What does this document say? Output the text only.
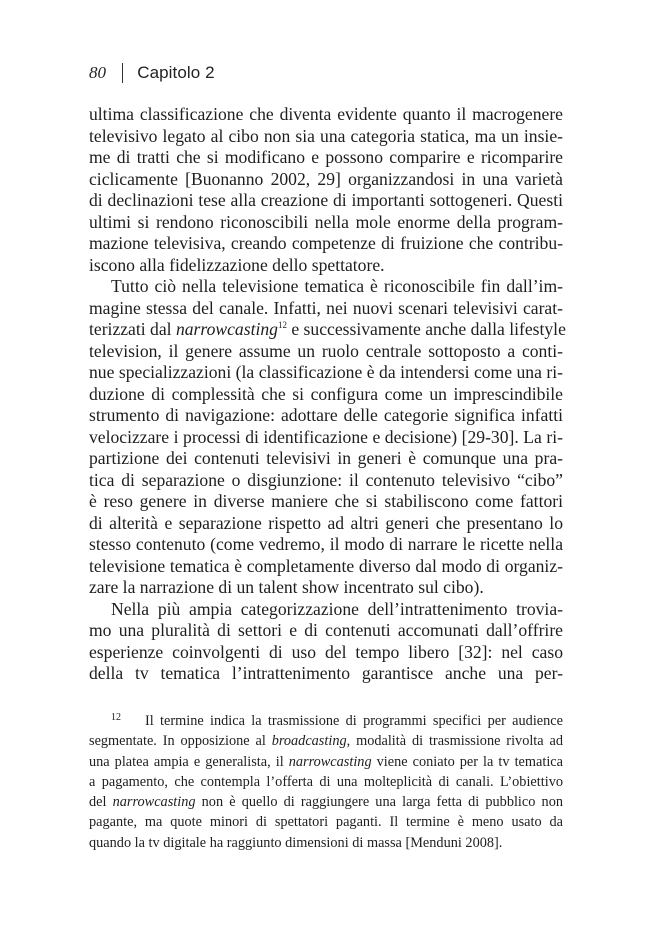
80 Capitolo 2
ultima classificazione che diventa evidente quanto il macrogenere
televisivo legato al cibo non sia una categoria statica, ma un insie-
me di tratti che si modificano e possono comparire e ricomparire
ciclicamente [Buonanno 2002, 29] organizzandosi in una varietà
di declinazioni tese alla creazione di importanti sottogeneri. Questi
ultimi si rendono riconoscibili nella mole enorme della program-
mazione televisiva, creando competenze di fruizione che contribu-
iscono alla fidelizzazione dello spettatore.
Tutto ciò nella televisione tematica è riconoscibile fin dall’im-
magine stessa del canale. Infatti, nei nuovi scenari televisivi carat-
terizzati dal narrowcasting$^{12}$ e successivamente anche dalla lifestyle
television, il genere assume un ruolo centrale sottoposto a conti-
nue specializzazioni (la classificazione è da intendersi come una ri-
duzione di complessità che si configura come un imprescindibile
strumento di navigazione: adottare delle categorie significa infatti
velocizzare i processi di identificazione e decisione) [29-30]. La ri-
partizione dei contenuti televisivi in generi è comunque una pra-
tica di separazione o disgiunzione: il contenuto televisivo “cibo”
è reso genere in diverse maniere che si stabiliscono come fattori
di alterità e separazione rispetto ad altri generi che presentano lo
stesso contenuto (come vedremo, il modo di narrare le ricette nella
televisione tematica è completamente diverso dal modo di organiz-
zare la narrazione di un talent show incentrato sul cibo).
Nella più ampia categorizzazione dell’intrattenimento troviа-
mo una pluralità di settori e di contenuti accomunati dall’offrire
esperienze coinvolgenti di uso del tempo libero [32]: nel caso
della tv tematica l’intrattenimento garantisce anche una per-
12 Il termine indica la trasmissione di programmi specifici per audience
segmentate. In opposizione al broadcasting, modalità di trasmissione rivolta ad
una platea ampia e generalista, il narrowcasting viene coniato per la tv tematica
a pagamento, che contempla l’offerta di una molteplicità di canali. L’obiettivo
del narrowcasting non è quello di raggiungere una larga fetta di pubblico non
pagante, ma quote minori di spettatori paganti. Il termine è meno usato da
quando la tv digitale ha raggiunto dimensioni di massa [Menduni 2008].
